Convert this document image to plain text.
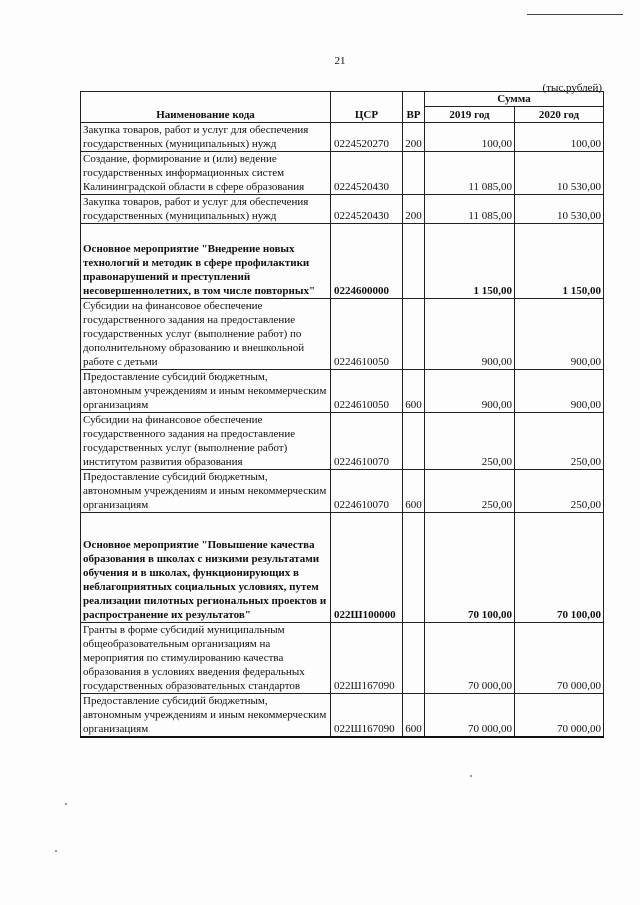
21
(тыс.рублей)
Наименование кода	ЦСР	ВР	Сумма	
			2019 год	2020 год
Закупка товаров, работ и услуг для обеспечения государственных (муниципальных) нужд	0224520270	200	100,00	100,00
Создание, формирование и (или) ведение государственных информационных систем Калининградской области в сфере образования	0224520430		11 085,00	10 530,00
Закупка товаров, работ и услуг для обеспечения государственных (муниципальных) нужд	0224520430	200	11 085,00	10 530,00
Основное мероприятие "Внедрение новых технологий и методик в сфере профилактики правонарушений и преступлений несовершеннолетних, в том числе повторных"	0224600000		1 150,00	1 150,00
Субсидии на финансовое обеспечение государственного задания на предоставление государственных услуг (выполнение работ) по дополнительному образованию и внешкольной работе с детьми	0224610050		900,00	900,00
Предоставление субсидий бюджетным, автономным учреждениям и иным некоммерческим организациям	0224610050	600	900,00	900,00
Субсидии на финансовое обеспечение государственного задания на предоставление государственных услуг (выполнение работ) институтом развития образования	0224610070		250,00	250,00
Предоставление субсидий бюджетным, автономным учреждениям и иным некоммерческим организациям	0224610070	600	250,00	250,00
Основное мероприятие "Повышение качества образования в школах с низкими результатами обучения и в школах, функционирующих в неблагоприятных социальных условиях, путем реализации пилотных региональных проектов и распространение их результатов"	022Ш100000		70 100,00	70 100,00
Гранты в форме субсидий муниципальным общеобразовательным организациям на мероприятия по стимулированию качества образования в условиях введения федеральных государственных образовательных стандартов	022Ш167090		70 000,00	70 000,00
Предоставление субсидий бюджетным, автономным учреждениям и иным некоммерческим организациям	022Ш167090	600	70 000,00	70 000,00
